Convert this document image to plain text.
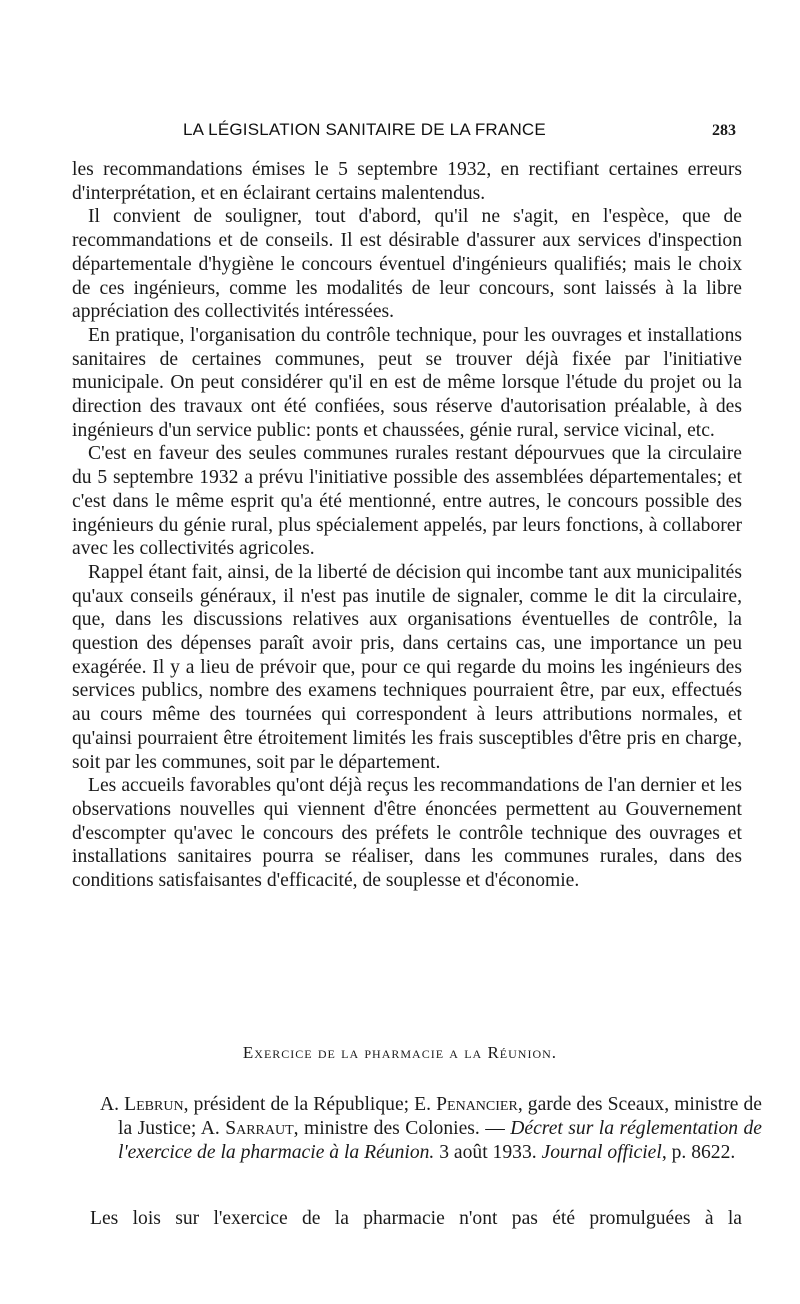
LA LÉGISLATION SANITAIRE DE LA FRANCE	283

les recommandations émises le 5 septembre 1932, en rectifiant certaines erreurs d'interprétation, et en éclairant certains malentendus.

Il convient de souligner, tout d'abord, qu'il ne s'agit, en l'espèce, que de recommandations et de conseils. Il est désirable d'assurer aux services d'inspection départementale d'hygiène le concours éventuel d'ingénieurs qualifiés; mais le choix de ces ingénieurs, comme les modalités de leur concours, sont laissés à la libre appréciation des collectivités intéressées.

En pratique, l'organisation du contrôle technique, pour les ouvrages et installations sanitaires de certaines communes, peut se trouver déjà fixée par l'initiative municipale. On peut considérer qu'il en est de même lorsque l'étude du projet ou la direction des travaux ont été confiées, sous réserve d'autorisation préalable, à des ingénieurs d'un service public: ponts et chaussées, génie rural, service vicinal, etc.

C'est en faveur des seules communes rurales restant dépourvues que la circulaire du 5 septembre 1932 a prévu l'initiative possible des assemblées départementales; et c'est dans le même esprit qu'a été mentionné, entre autres, le concours possible des ingénieurs du génie rural, plus spécialement appelés, par leurs fonctions, à collaborer avec les collectivités agricoles.

Rappel étant fait, ainsi, de la liberté de décision qui incombe tant aux municipalités qu'aux conseils généraux, il n'est pas inutile de signaler, comme le dit la circulaire, que, dans les discussions relatives aux organisations éventuelles de contrôle, la question des dépenses paraît avoir pris, dans certains cas, une importance un peu exagérée. Il y a lieu de prévoir que, pour ce qui regarde du moins les ingénieurs des services publics, nombre des examens techniques pourraient être, par eux, effectués au cours même des tournées qui correspondent à leurs attributions normales, et qu'ainsi pourraient être étroitement limités les frais susceptibles d'être pris en charge, soit par les communes, soit par le département.

Les accueils favorables qu'ont déjà reçus les recommandations de l'an dernier et les observations nouvelles qui viennent d'être énoncées permettent au Gouvernement d'escompter qu'avec le concours des préfets le contrôle technique des ouvrages et installations sanitaires pourra se réaliser, dans les communes rurales, dans des conditions satisfaisantes d'efficacité, de souplesse et d'économie.

Exercice de la pharmacie a la Réunion.
A. Lebrun, président de la République; E. Penancier, garde des Sceaux, ministre de la Justice; A. Sarraut, ministre des Colonies. — Décret sur la réglementation de l'exercice de la pharmacie à la Réunion. 3 août 1933. Journal officiel, p. 8622.
Les lois sur l'exercice de la pharmacie n'ont pas été promulguées à la
